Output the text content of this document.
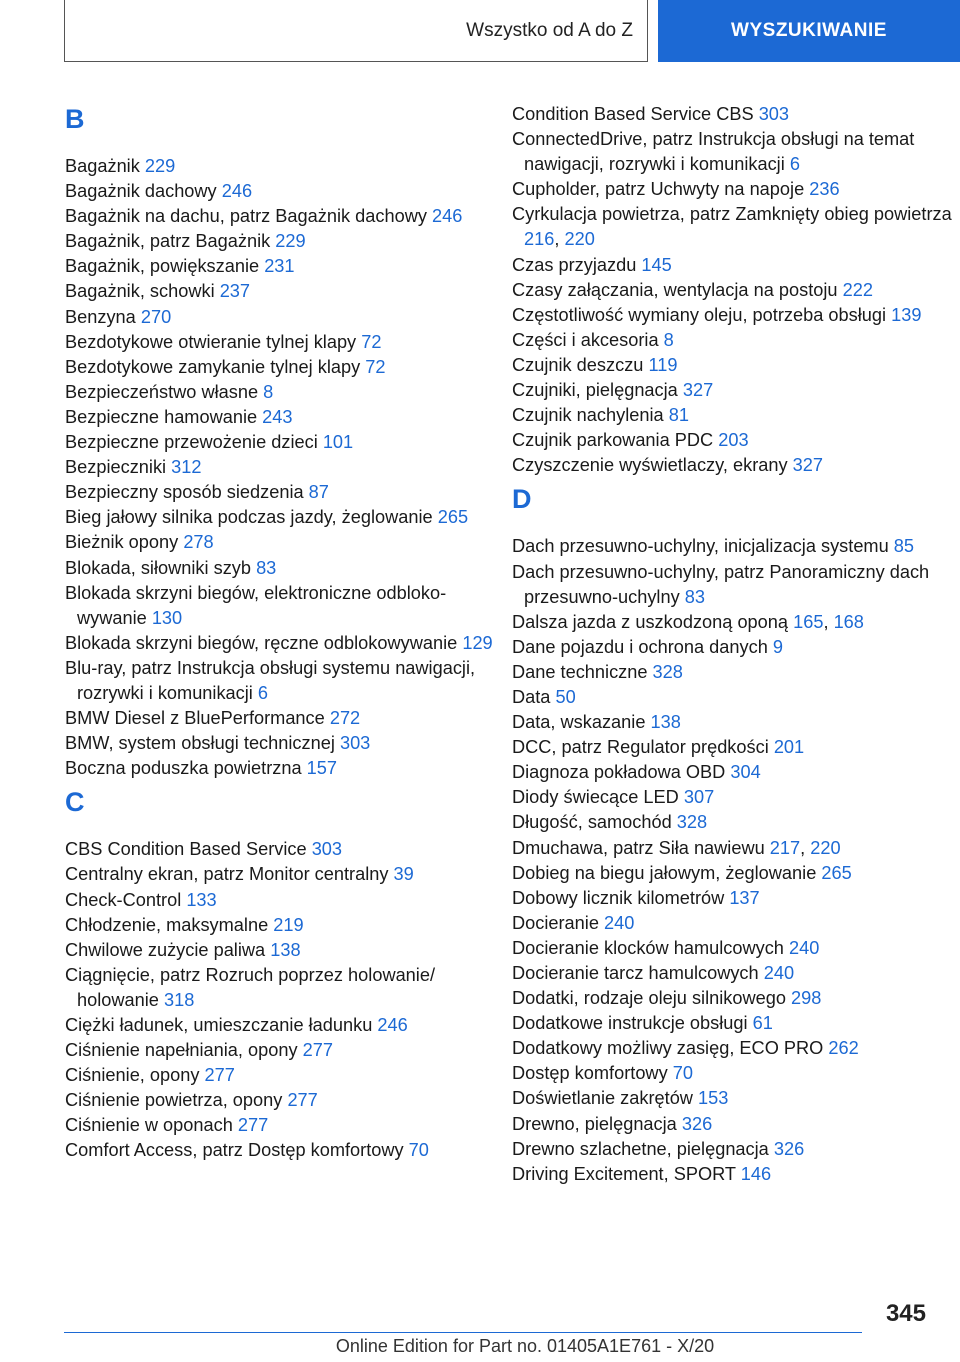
Wszystko od A do Z	WYSZUKIWANIE
B
Bagażnik 229
Bagażnik dachowy 246
Bagażnik na dachu, patrz Bagażnik dachowy 246
Bagażnik, patrz Bagażnik 229
Bagażnik, powiększanie 231
Bagażnik, schowki 237
Benzyna 270
Bezdotykowe otwieranie tylnej klapy 72
Bezdotykowe zamykanie tylnej klapy 72
Bezpieczeństwo własne 8
Bezpieczne hamowanie 243
Bezpieczne przewożenie dzieci 101
Bezpieczniki 312
Bezpieczny sposób siedzenia 87
Bieg jałowy silnika podczas jazdy, żeglowanie 265
Bieżnik opony 278
Blokada, siłowniki szyb 83
Blokada skrzyni biegów, elektroniczne odblokowywanie 130
Blokada skrzyni biegów, ręczne odblokowywanie 129
Blu-ray, patrz Instrukcja obsługi systemu nawigacji, rozrywki i komunikacji 6
BMW Diesel z BluePerformance 272
BMW, system obsługi technicznej 303
Boczna poduszka powietrzna 157
C
CBS Condition Based Service 303
Centralny ekran, patrz Monitor centralny 39
Check-Control 133
Chłodzenie, maksymalne 219
Chwilowe zużycie paliwa 138
Ciągnięcie, patrz Rozruch poprzez holowanie/ holowanie 318
Ciężki ładunek, umieszczanie ładunku 246
Ciśnienie napełniania, opony 277
Ciśnienie, opony 277
Ciśnienie powietrza, opony 277
Ciśnienie w oponach 277
Comfort Access, patrz Dostęp komfortowy 70
Condition Based Service CBS 303
ConnectedDrive, patrz Instrukcja obsługi na temat nawigacji, rozrywki i komunikacji 6
Cupholder, patrz Uchwyty na napoje 236
Cyrkulacja powietrza, patrz Zamknięty obieg powietrza 216, 220
Czas przyjazdu 145
Czasy załączania, wentylacja na postoju 222
Częstotliwość wymiany oleju, potrzeba obsługi 139
Części i akcesoria 8
Czujnik deszczu 119
Czujniki, pielęgnacja 327
Czujnik nachylenia 81
Czujnik parkowania PDC 203
Czyszczenie wyświetlaczy, ekrany 327
D
Dach przesuwno-uchylny, inicjalizacja systemu 85
Dach przesuwno-uchylny, patrz Panoramiczny dach przesuwno-uchylny 83
Dalsza jazda z uszkodzoną oponą 165, 168
Dane pojazdu i ochrona danych 9
Dane techniczne 328
Data 50
Data, wskazanie 138
DCC, patrz Regulator prędkości 201
Diagnoza pokładowa OBD 304
Diody świecące LED 307
Długość, samochód 328
Dmuchawa, patrz Siła nawiewu 217, 220
Dobieg na biegu jałowym, żeglowanie 265
Dobowy licznik kilometrów 137
Docieranie 240
Docieranie klocków hamulcowych 240
Docieranie tarcz hamulcowych 240
Dodatki, rodzaje oleju silnikowego 298
Dodatkowe instrukcje obsługi 61
Dodatkowy możliwy zasięg, ECO PRO 262
Dostęp komfortowy 70
Doświetlanie zakrętów 153
Drewno, pielęgnacja 326
Drewno szlachetne, pielęgnacja 326
Driving Excitement, SPORT 146
345
Online Edition for Part no. 01405A1E761 - X/20
